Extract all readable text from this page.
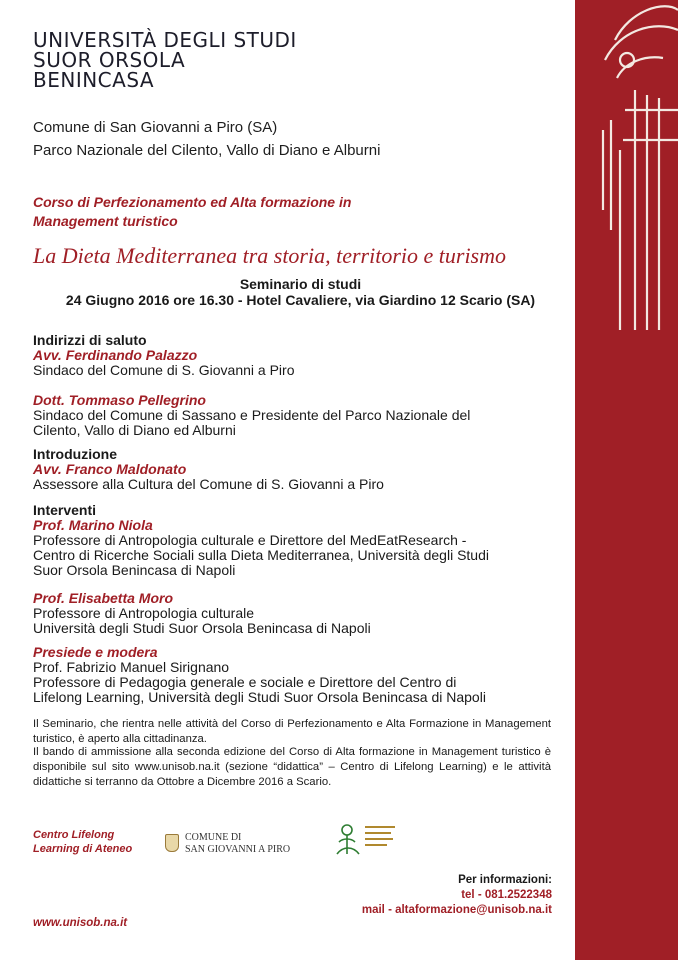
UNIVERSITÀ DEGLI STUDI
SUOR ORSOLA
BENINCASA
Comune di San Giovanni a Piro (SA)
Parco Nazionale del Cilento, Vallo di Diano e Alburni
Corso di Perfezionamento ed Alta formazione in
Management turistico
La Dieta Mediterranea tra storia, territorio e turismo
Seminario di studi
24 Giugno 2016 ore 16.30 - Hotel Cavaliere, via Giardino 12 Scario (SA)
Indirizzi di saluto
Avv. Ferdinando Palazzo
Sindaco del Comune di S. Giovanni a Piro
Dott. Tommaso Pellegrino
Sindaco del Comune di Sassano e Presidente del Parco Nazionale del
Cilento, Vallo di Diano ed Alburni
Introduzione
Avv. Franco Maldonato
Assessore alla Cultura del Comune di S. Giovanni a Piro
Interventi
Prof. Marino Niola
Professore di Antropologia culturale e Direttore del MedEatResearch -
Centro di Ricerche Sociali sulla Dieta Mediterranea, Università degli Studi
Suor Orsola Benincasa di Napoli
Prof. Elisabetta Moro
Professore di Antropologia culturale
Università degli Studi Suor Orsola Benincasa di Napoli
Presiede e modera
Prof. Fabrizio Manuel Sirignano
Professore di Pedagogia generale e sociale e Direttore del Centro di
Lifelong Learning, Università degli Studi Suor Orsola Benincasa di Napoli
Il Seminario, che rientra nelle attività del Corso di Perfezionamento e Alta Formazione in Management turistico, è aperto alla cittadinanza.
Il bando di ammissione alla seconda edizione del Corso di Alta formazione in Management turistico è disponibile sul sito www.unisob.na.it (sezione “didattica” – Centro di Lifelong Learning) e le attività didattiche si terranno da Ottobre a Dicembre 2016 a Scario.
Centro Lifelong
Learning di Ateneo
COMUNE DI
SAN GIOVANNI A PIRO
Per informazioni:
tel - 081.2522348
mail - altaformazione@unisob.na.it
www.unisob.na.it
